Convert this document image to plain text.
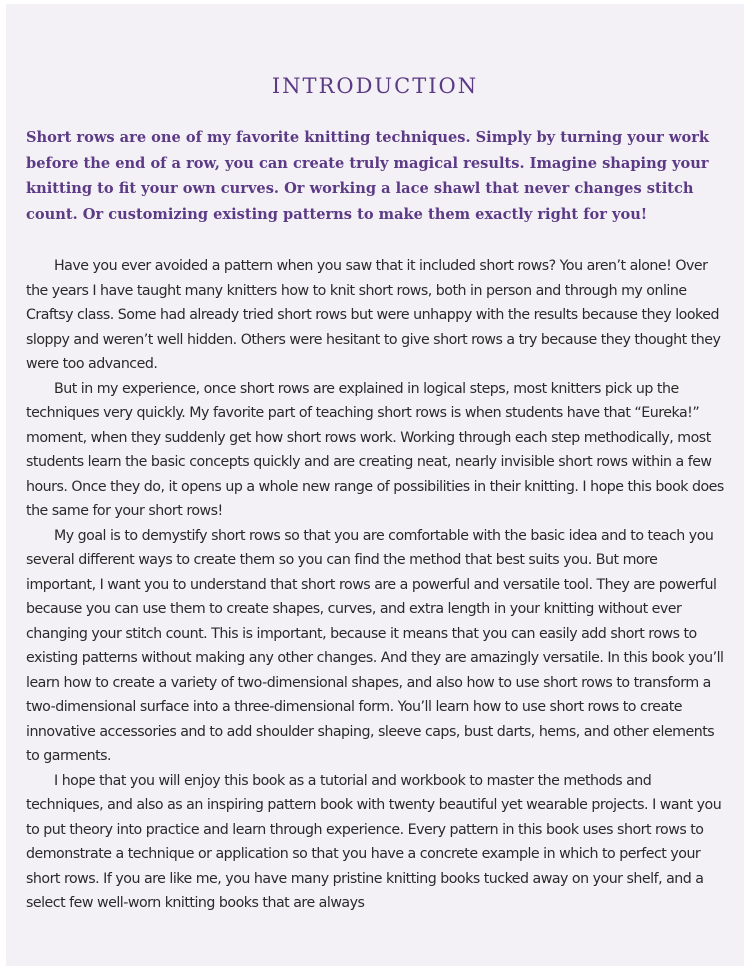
INTRODUCTION

Short rows are one of my favorite knitting techniques. Simply by turning your work before the end of a row, you can create truly magical results. Imagine shaping your knitting to fit your own curves. Or working a lace shawl that never changes stitch count. Or customizing existing patterns to make them exactly right for you!

Have you ever avoided a pattern when you saw that it included short rows? You aren’t alone! Over the years I have taught many knitters how to knit short rows, both in person and through my online Craftsy class. Some had already tried short rows but were unhappy with the results because they looked sloppy and weren’t well hidden. Others were hesitant to give short rows a try because they thought they were too advanced.

But in my experience, once short rows are explained in logical steps, most knitters pick up the techniques very quickly. My favorite part of teaching short rows is when students have that “Eureka!” moment, when they suddenly get how short rows work. Working through each step methodically, most students learn the basic concepts quickly and are creating neat, nearly invisible short rows within a few hours. Once they do, it opens up a whole new range of possibilities in their knitting. I hope this book does the same for your short rows!

My goal is to demystify short rows so that you are comfortable with the basic idea and to teach you several different ways to create them so you can find the method that best suits you. But more important, I want you to understand that short rows are a powerful and versatile tool. They are powerful because you can use them to create shapes, curves, and extra length in your knitting without ever changing your stitch count. This is important, because it means that you can easily add short rows to existing patterns without making any other changes. And they are amazingly versatile. In this book you’ll learn how to create a variety of two-dimensional shapes, and also how to use short rows to transform a two-dimensional surface into a three-dimensional form. You’ll learn how to use short rows to create innovative accessories and to add shoulder shaping, sleeve caps, bust darts, hems, and other elements to garments.

I hope that you will enjoy this book as a tutorial and workbook to master the methods and techniques, and also as an inspiring pattern book with twenty beautiful yet wearable projects. I want you to put theory into practice and learn through experience. Every pattern in this book uses short rows to demonstrate a technique or application so that you have a concrete example in which to perfect your short rows. If you are like me, you have many pristine knitting books tucked away on your shelf, and a select few well-worn knitting books that are always
